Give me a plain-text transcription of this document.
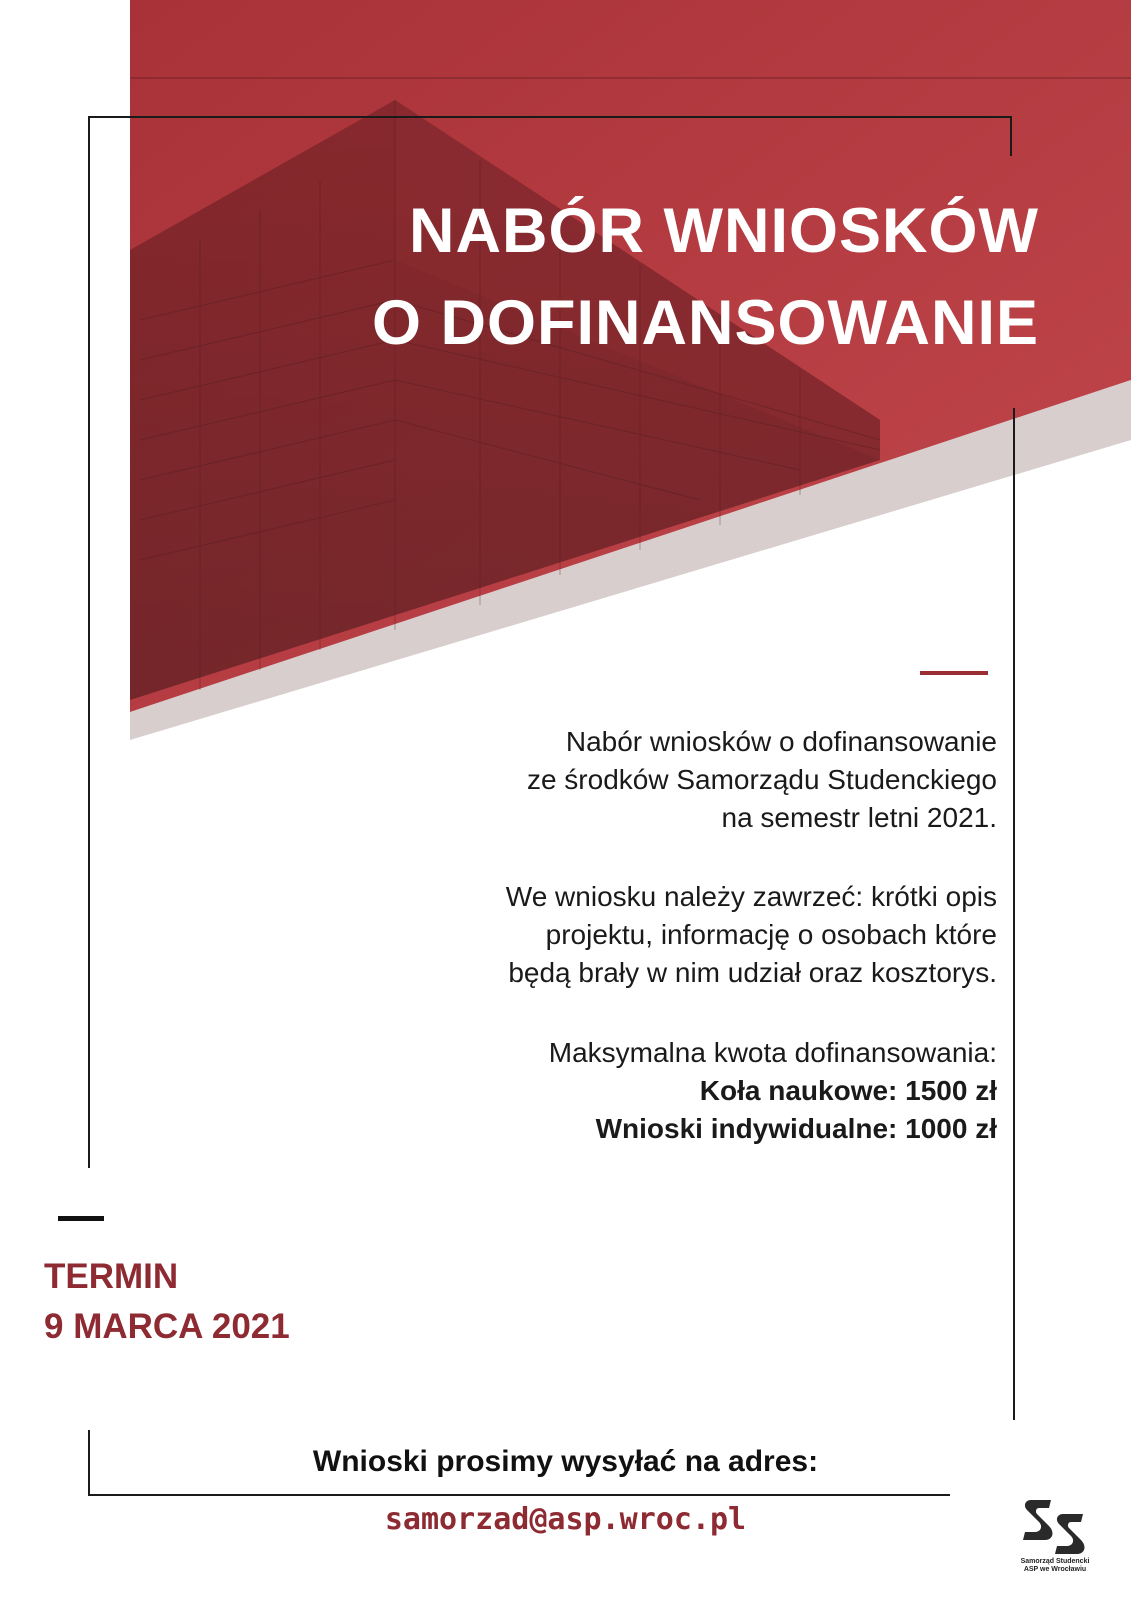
NABÓR WNIOSKÓW
O DOFINANSOWANIE

Nabór wniosków o dofinansowanie

ze środków Samorządu Studenckiego

na semestr letni 2021.

We wniosku należy zawrzeć: krótki opis

projektu, informację o osobach które

będą brały w nim udział oraz kosztorys.

Maksymalna kwota dofinansowania:

Koła naukowe: 1500 zł

Wnioski indywidualne: 1000 zł

TERMIN
9 MARCA 2021
Wnioski prosimy wysyłać na adres:
samorzad@asp.wroc.pl
Samorząd Studencki
ASP we Wrocławiu
